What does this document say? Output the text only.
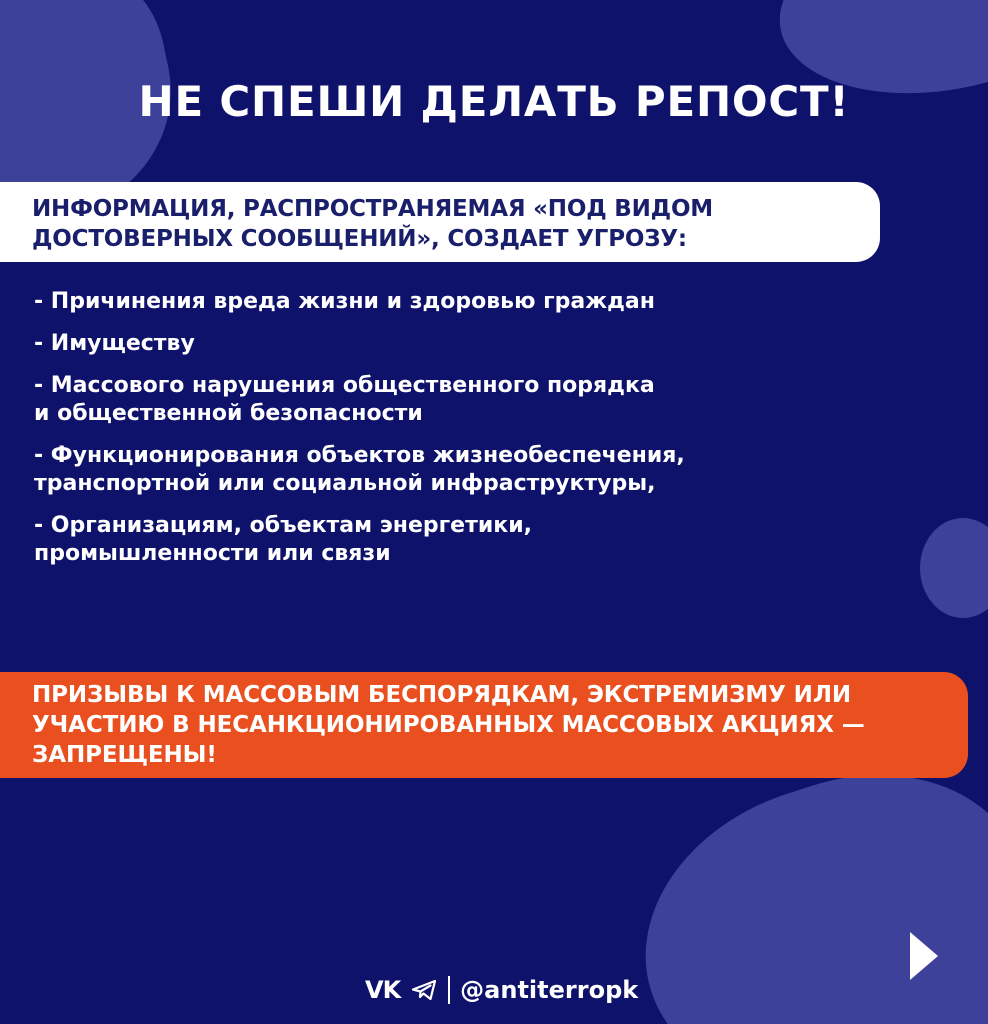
НЕ СПЕШИ ДЕЛАТЬ РЕПОСТ!
ИНФОРМАЦИЯ, РАСПРОСТРАНЯЕМАЯ «ПОД ВИДОМ ДОСТОВЕРНЫХ СООБЩЕНИЙ», СОЗДАЕТ УГРОЗУ:
- Причинения вреда жизни и здоровью граждан
- Имуществу
- Массового нарушения общественного порядка
и общественной безопасности
- Функционирования объектов жизнеобеспечения,
транспортной или социальной инфраструктуры,
- Организациям, объектам энергетики,
промышленности или связи
ПРИЗЫВЫ К МАССОВЫМ БЕСПОРЯДКАМ, ЭКСТРЕМИЗМУ ИЛИ УЧАСТИЮ В НЕСАНКЦИОНИРОВАННЫХ МАССОВЫХ АКЦИЯХ — ЗАПРЕЩЕНЫ!
VK	@antiterropk
